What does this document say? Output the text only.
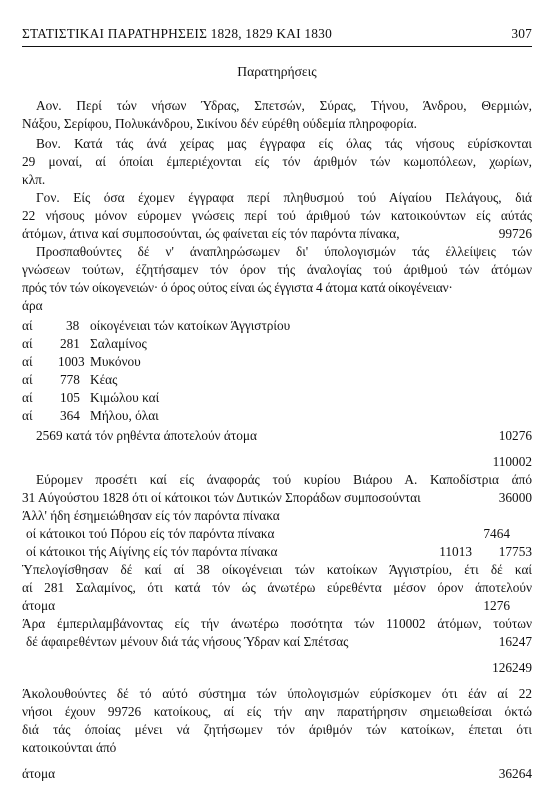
ΣΤΑΤΙΣΤΙΚΑΙ ΠΑΡΑΤΗΡΗΣΕΙΣ 1828, 1829 ΚΑΙ 1830	307
Παρατηρήσεις
Αον. Περί τών νήσων Ύδρας, Σπετσών, Σύρας, Τήνου, Άνδρου, Θερμιών,
Νάξου, Σερίφου, Πολυκάνδρου, Σικίνου δέν εύρέθη ούδεμία πληροφορία.
Βον. Κατά τάς άνά χείρας μας έγγραφα είς όλας τάς νήσους εύρίσκονται
29 μοναί, αί όποίαι έμπεριέχονται είς τόν άριθμόν τών κωμοπόλεων, χωρίων,
κλπ.
Γον. Είς όσα έχομεν έγγραφα περί πληθυσμού τού Αίγαίου Πελάγους, διά
22 νήσους μόνον εύρομεν γνώσεις περί τού άριθμού τών κατοικούντων είς αύτάς
άτόμων, άτινα καί συμποσούνται, ώς φαίνεται είς τόν παρόντα πίνακα,	99726
Προσπαθούντες δέ ν' άναπληρώσωμεν δι' ύπολογισμών τάς έλλείψεις τών
γνώσεων τούτων, έζητήσαμεν τόν όρον τής άναλογίας τού άριθμού τών άτόμων
πρός τόν τών οίκογενειών· ό όρος ούτος είναι ώς έγγιστα 4 άτομα κατά οίκογένειαν·
άρα
αί	38 οίκογένειαι τών κατοίκων Άγγιστρίου
αί 281 Σαλαμίνος
αί 1003 Μυκόνου
αί 778 Κέας
αί 105 Κιμώλου καί
αί 364 Μήλου, όλαι
2569 κατά τόν ρηθέντα άποτελούν άτομα	10276
110002
Εύρομεν προσέτι καί είς άναφοράς τού κυρίου Βιάρου Α. Καποδίστρια άπό
31 Αύγούστου 1828 ότι οί κάτοικοι τών Δυτικών Σποράδων συμποσούνται	36000
Άλλ' ήδη έσημειώθησαν είς τόν παρόντα πίνακα
οί κάτοικοι τού Πόρου είς τόν παρόντα πίνακα	7464
οί κάτοικοι τής Αίγίνης είς τόν παρόντα πίνακα	11013 17753
Ύπελογίσθησαν δέ καί αί 38 οίκογένειαι τών κατοίκων Άγγιστρίου, έτι δέ καί
αί 281 Σαλαμίνος, ότι κατά τόν ώς άνωτέρω εύρεθέντα μέσον όρον άποτελούν
άτομα	1276
Άρα έμπεριλαμβάνοντας είς τήν άνωτέρω ποσότητα τών 110002 άτόμων, τούτων
δέ άφαιρεθέντων μένουν διά τάς νήσους Ύδραν καί Σπέτσας	16247
126249
Άκολουθούντες δέ τό αύτό σύστημα τών ύπολογισμών εύρίσκομεν ότι έάν αί 22
νήσοι έχουν 99726 κατοίκους, αί είς τήν αην παρατήρησιν σημειωθείσαι όκτώ
διά τάς όποίας μένει νά ζητήσωμεν τόν άριθμόν τών κατοίκων, έπεται ότι
κατοικούνται άπό
άτομα	36264
